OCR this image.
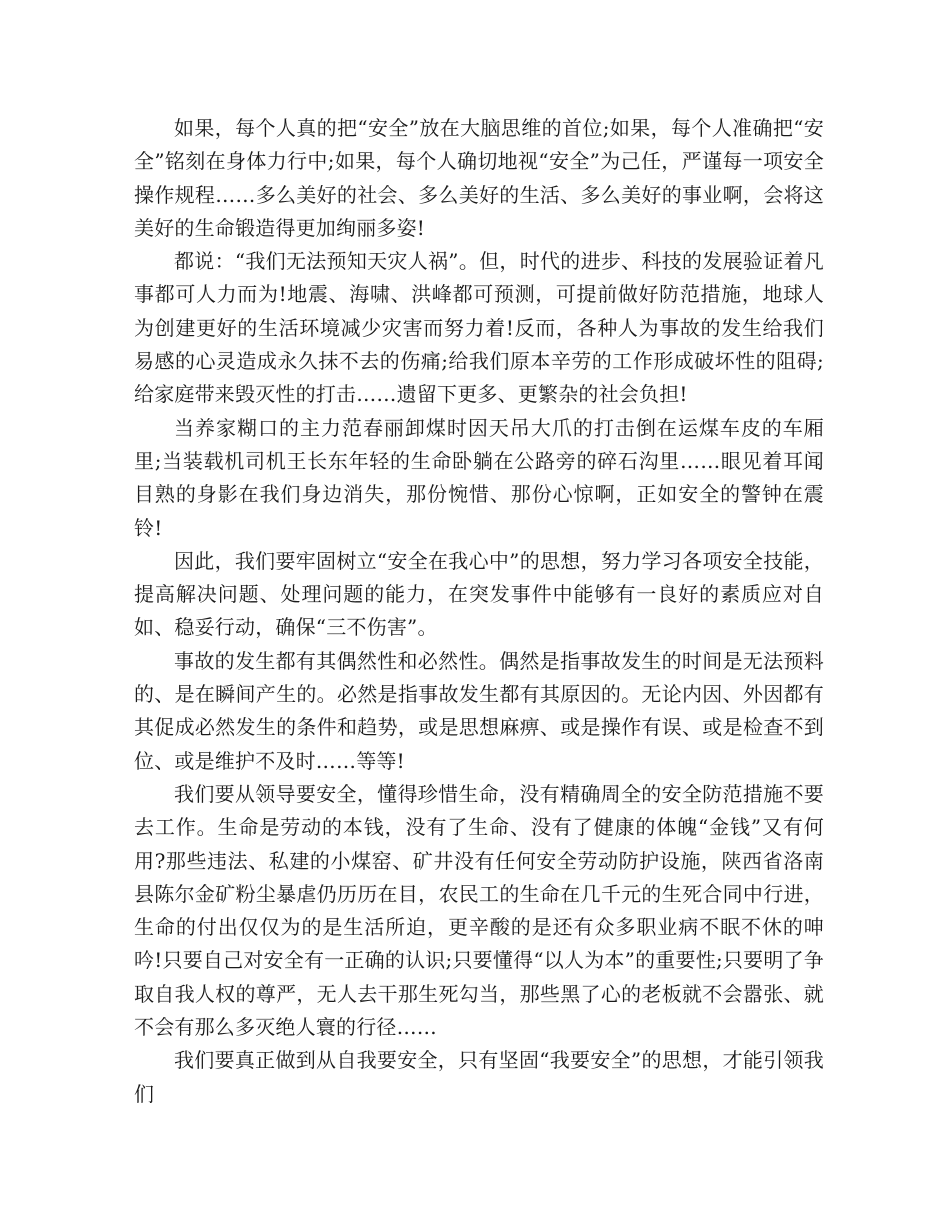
如果，每个人真的把“安全”放在大脑思维的首位;如果，每个人准确把“安全”铭刻在身体力行中;如果，每个人确切地视“安全”为己任，严谨每一项安全操作规程……多么美好的社会、多么美好的生活、多么美好的事业啊，会将这美好的生命锻造得更加绚丽多姿!

都说：“我们无法预知天灾人祸”。但，时代的进步、科技的发展验证着凡事都可人力而为!地震、海啸、洪峰都可预测，可提前做好防范措施，地球人为创建更好的生活环境减少灾害而努力着!反而，各种人为事故的发生给我们易感的心灵造成永久抹不去的伤痛;给我们原本辛劳的工作形成破坏性的阻碍;给家庭带来毁灭性的打击……遗留下更多、更繁杂的社会负担!

当养家糊口的主力范春丽卸煤时因天吊大爪的打击倒在运煤车皮的车厢里;当装载机司机王长东年轻的生命卧躺在公路旁的碎石沟里……眼见着耳闻目熟的身影在我们身边消失，那份惋惜、那份心惊啊，正如安全的警钟在震铃!

因此，我们要牢固树立“安全在我心中”的思想，努力学习各项安全技能，提高解决问题、处理问题的能力，在突发事件中能够有一良好的素质应对自如、稳妥行动，确保“三不伤害”。

事故的发生都有其偶然性和必然性。偶然是指事故发生的时间是无法预料的、是在瞬间产生的。必然是指事故发生都有其原因的。无论内因、外因都有其促成必然发生的条件和趋势，或是思想麻痹、或是操作有误、或是检查不到位、或是维护不及时……等等!

我们要从领导要安全，懂得珍惜生命，没有精确周全的安全防范措施不要去工作。生命是劳动的本钱，没有了生命、没有了健康的体魄“金钱”又有何用?那些违法、私建的小煤窑、矿井没有任何安全劳动防护设施，陕西省洛南县陈尔金矿粉尘暴虐仍历历在目，农民工的生命在几千元的生死合同中行进，生命的付出仅仅为的是生活所迫，更辛酸的是还有众多职业病不眠不休的呻吟!只要自己对安全有一正确的认识;只要懂得“以人为本”的重要性;只要明了争取自我人权的尊严，无人去干那生死勾当，那些黑了心的老板就不会嚣张、就不会有那么多灭绝人寰的行径……

我们要真正做到从自我要安全，只有坚固“我要安全”的思想，才能引领我们
